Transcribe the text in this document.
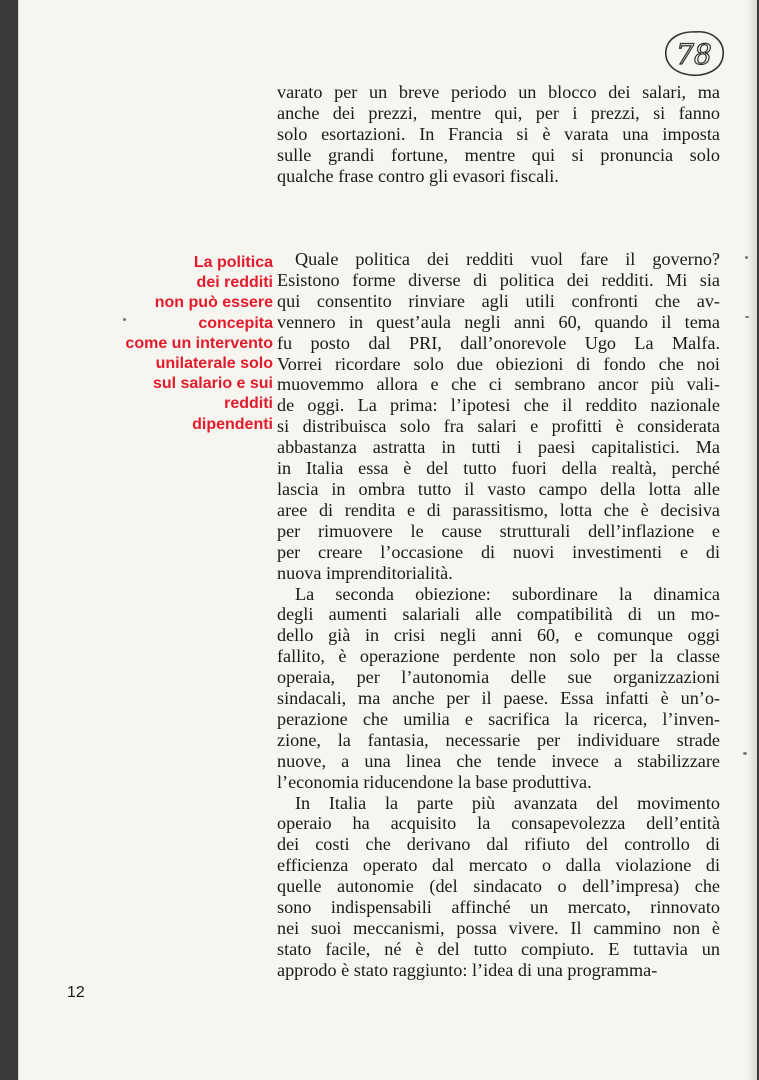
78
varato per un breve periodo un blocco dei salari, ma
anche dei prezzi, mentre qui, per i prezzi, si fanno
solo esortazioni. In Francia si è varata una imposta
sulle grandi fortune, mentre qui si pronuncia solo
qualche frase contro gli evasori fiscali.
La politica
dei redditi
non può essere
concepita
come un intervento
unilaterale solo
sul salario e sui
redditi
dipendenti
Quale politica dei redditi vuol fare il governo?
Esistono forme diverse di politica dei redditi. Mi sia
qui consentito rinviare agli utili confronti che av-
vennero in quest’aula negli anni 60, quando il tema
fu posto dal PRI, dall’onorevole Ugo La Malfa.
Vorrei ricordare solo due obiezioni di fondo che noi
muovemmo allora e che ci sembrano ancor più vali-
de oggi. La prima: l’ipotesi che il reddito nazionale
si distribuisca solo fra salari e profitti è considerata
abbastanza astratta in tutti i paesi capitalistici. Ma
in Italia essa è del tutto fuori della realtà, perché
lascia in ombra tutto il vasto campo della lotta alle
aree di rendita e di parassitismo, lotta che è decisiva
per rimuovere le cause strutturali dell’inflazione e
per creare l’occasione di nuovi investimenti e di
nuova imprenditorialità.
La seconda obiezione: subordinare la dinamica
degli aumenti salariali alle compatibilità di un mo-
dello già in crisi negli anni 60, e comunque oggi
fallito, è operazione perdente non solo per la classe
operaia, per l’autonomia delle sue organizzazioni
sindacali, ma anche per il paese. Essa infatti è un’o-
perazione che umilia e sacrifica la ricerca, l’inven-
zione, la fantasia, necessarie per individuare strade
nuove, a una linea che tende invece a stabilizzare
l’economia riducendone la base produttiva.
In Italia la parte più avanzata del movimento
operaio ha acquisito la consapevolezza dell’entità
dei costi che derivano dal rifiuto del controllo di
efficienza operato dal mercato o dalla violazione di
quelle autonomie (del sindacato o dell’impresa) che
sono indispensabili affinché un mercato, rinnovato
nei suoi meccanismi, possa vivere. Il cammino non è
stato facile, né è del tutto compiuto. E tuttavia un
approdo è stato raggiunto: l’idea di una programma-
12
